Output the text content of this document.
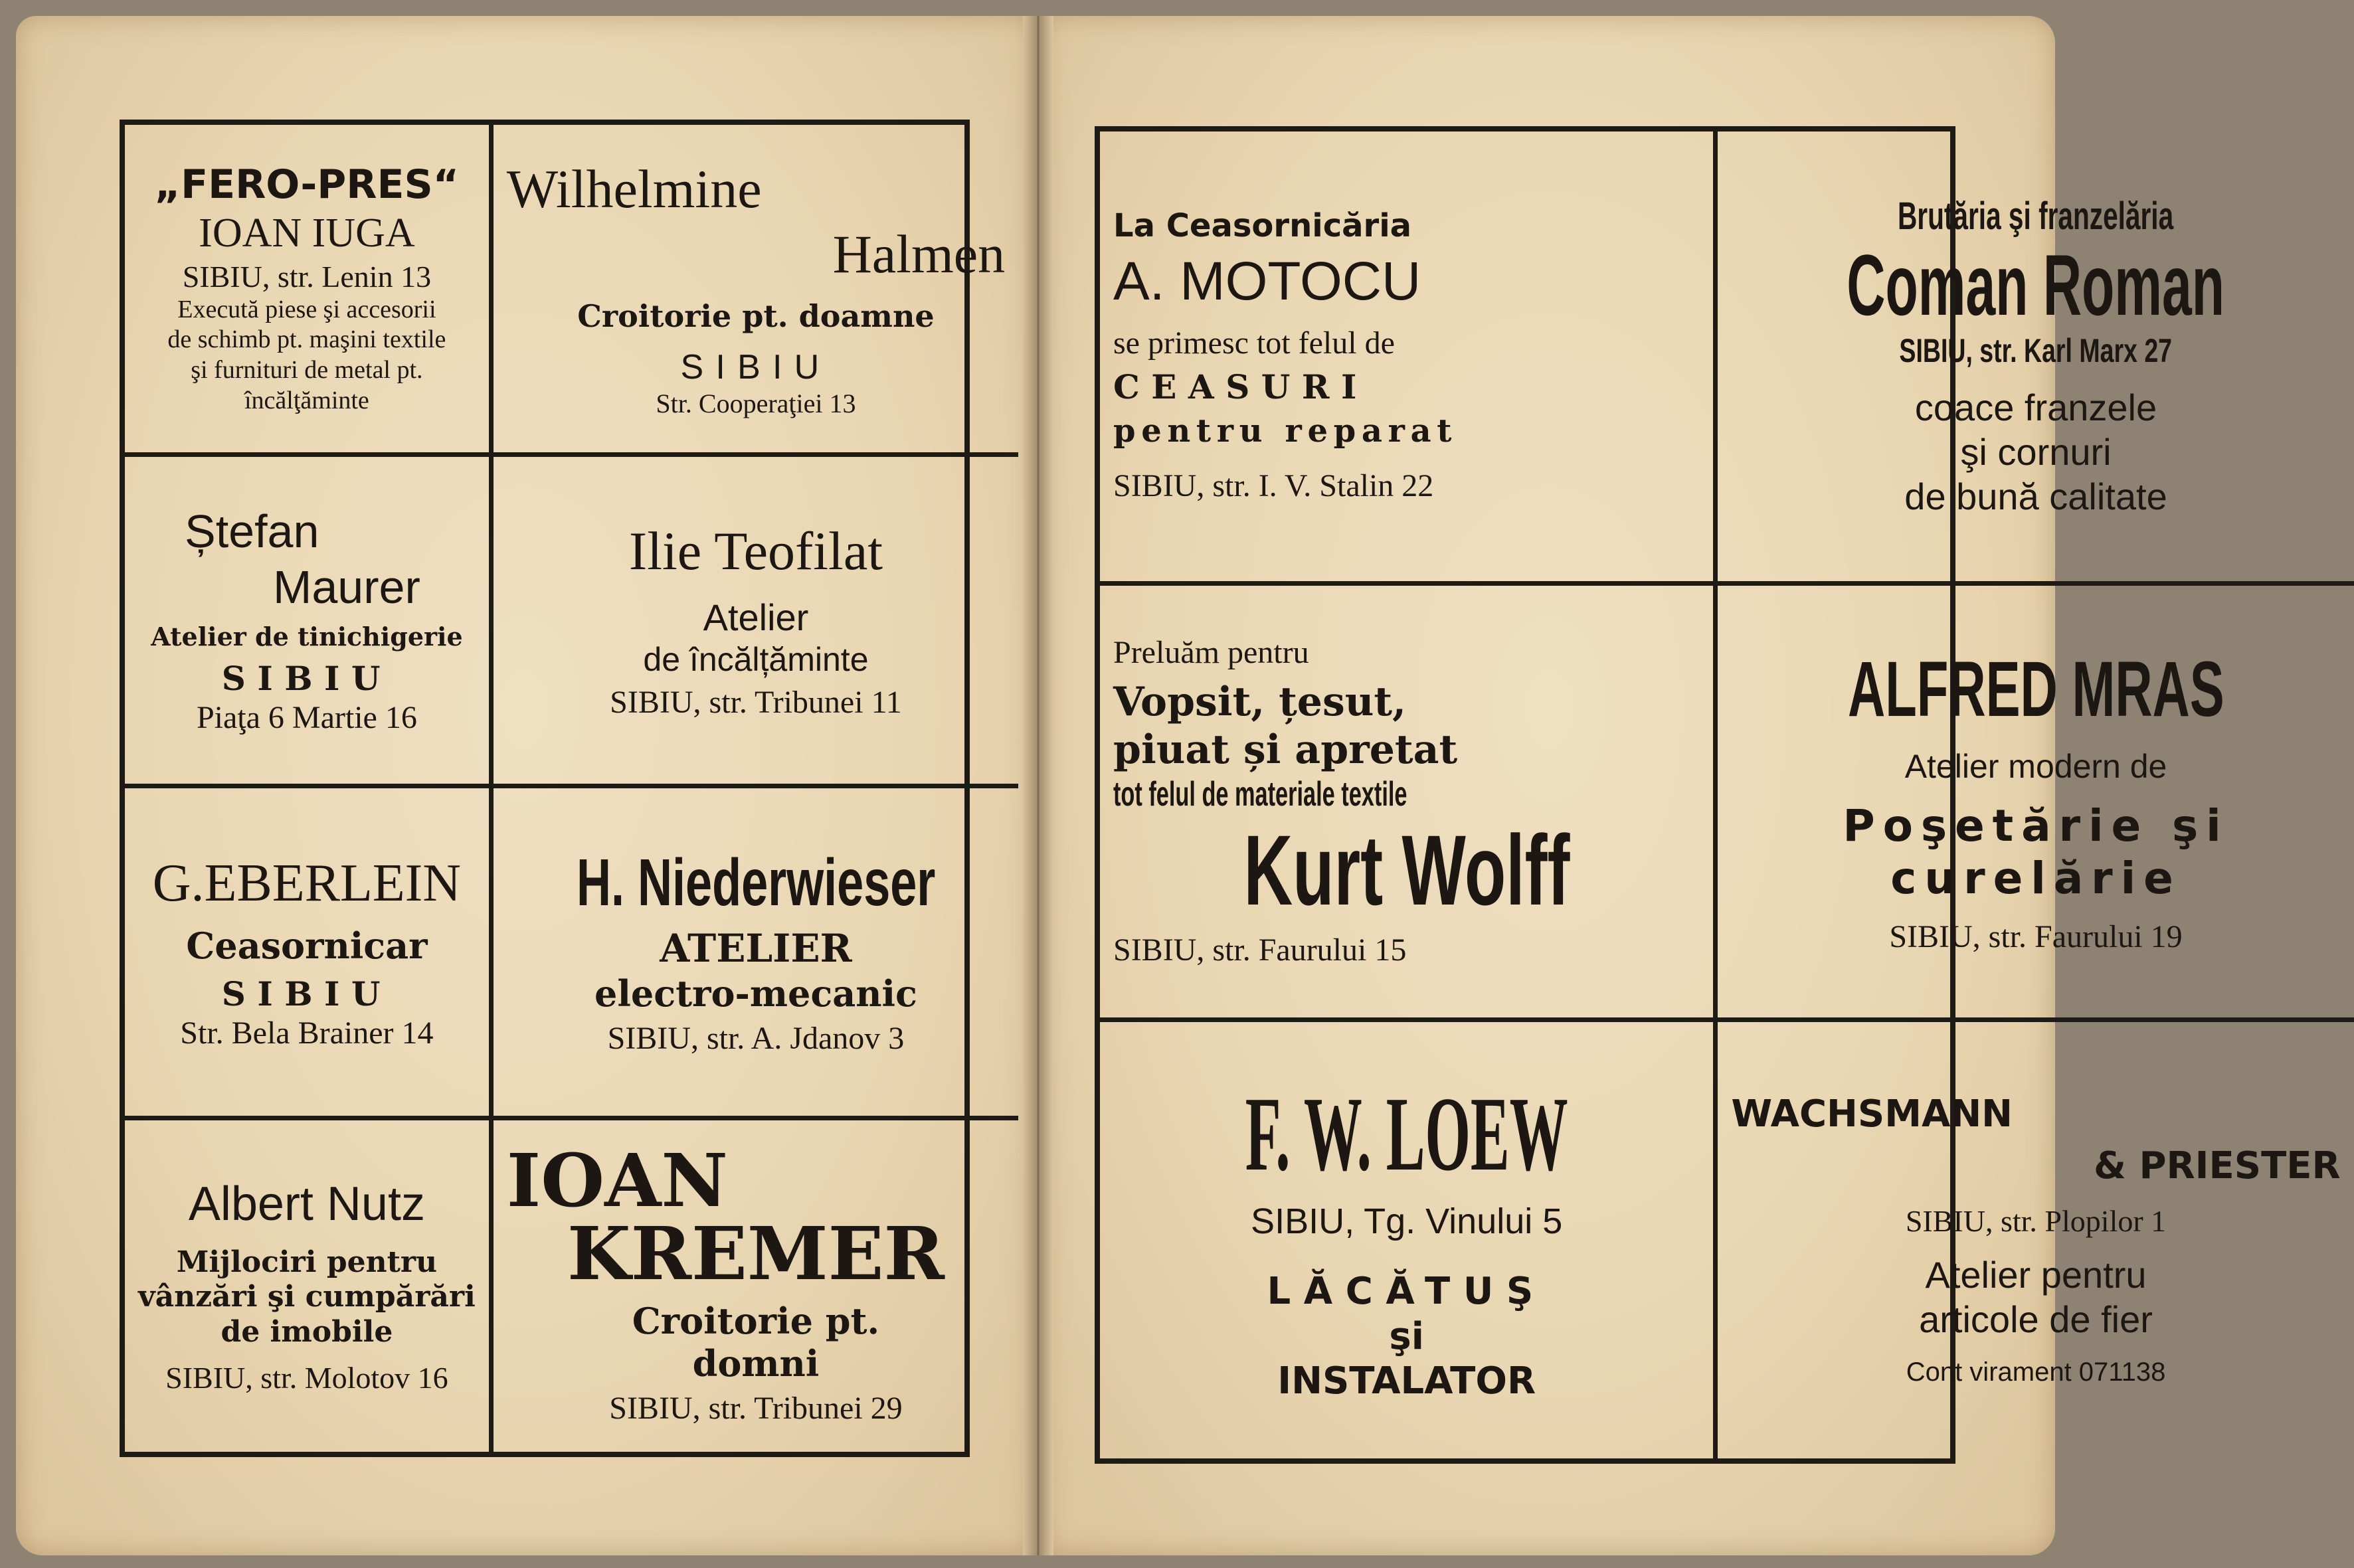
„FERO-PRES“
IOAN IUGA
SIBIU, str. Lenin 13
Execută piese şi accesorii
de schimb pt. maşini textile
şi furnituri de metal pt.
încălţăminte
Wilhelmine
Halmen
Croitorie pt. doamne
SIBIU
Str. Cooperaţiei 13
Ștefan
Maurer
Atelier de tinichigerie
SIBIU
Piaţa 6 Martie 16
Ilie Teofilat
Atelier
de încălțăminte
SIBIU, str. Tribunei 11
G.EBERLEIN
Ceasornicar
SIBIU
Str. Bela Brainer 14
H. Niederwieser
ATELIER
electro-mecanic
SIBIU, str. A. Jdanov 3
Albert Nutz
Mijlociri pentru
vânzări şi cumpărări
de imobile
SIBIU, str. Molotov 16
IOAN
KREMER
Croitorie pt.
domni
SIBIU, str. Tribunei 29
La Ceasornicăria
A. MOTOCU
se primesc tot felul de
CEASURI
pentru reparat
SIBIU, str. I. V. Stalin 22
Brutăria şi franzelăria
Coman Roman
SIBIU, str. Karl Marx 27
coace franzele
şi cornuri
de bună calitate
Preluăm pentru
Vopsit, țesut,
piuat și apretat
tot felul de materiale textile
Kurt Wolff
SIBIU, str. Faurului 15
ALFRED MRAS
Atelier modern de
Poşetărie şi
curelărie
SIBIU, str. Faurului 19
F. W. LOEW
SIBIU, Tg. Vinului 5
LĂCĂTUŞ
şi
INSTALATOR
WACHSMANN
& PRIESTER
SIBIU, str. Plopilor 1
Atelier pentru
articole de fier
Cont virament 071138
